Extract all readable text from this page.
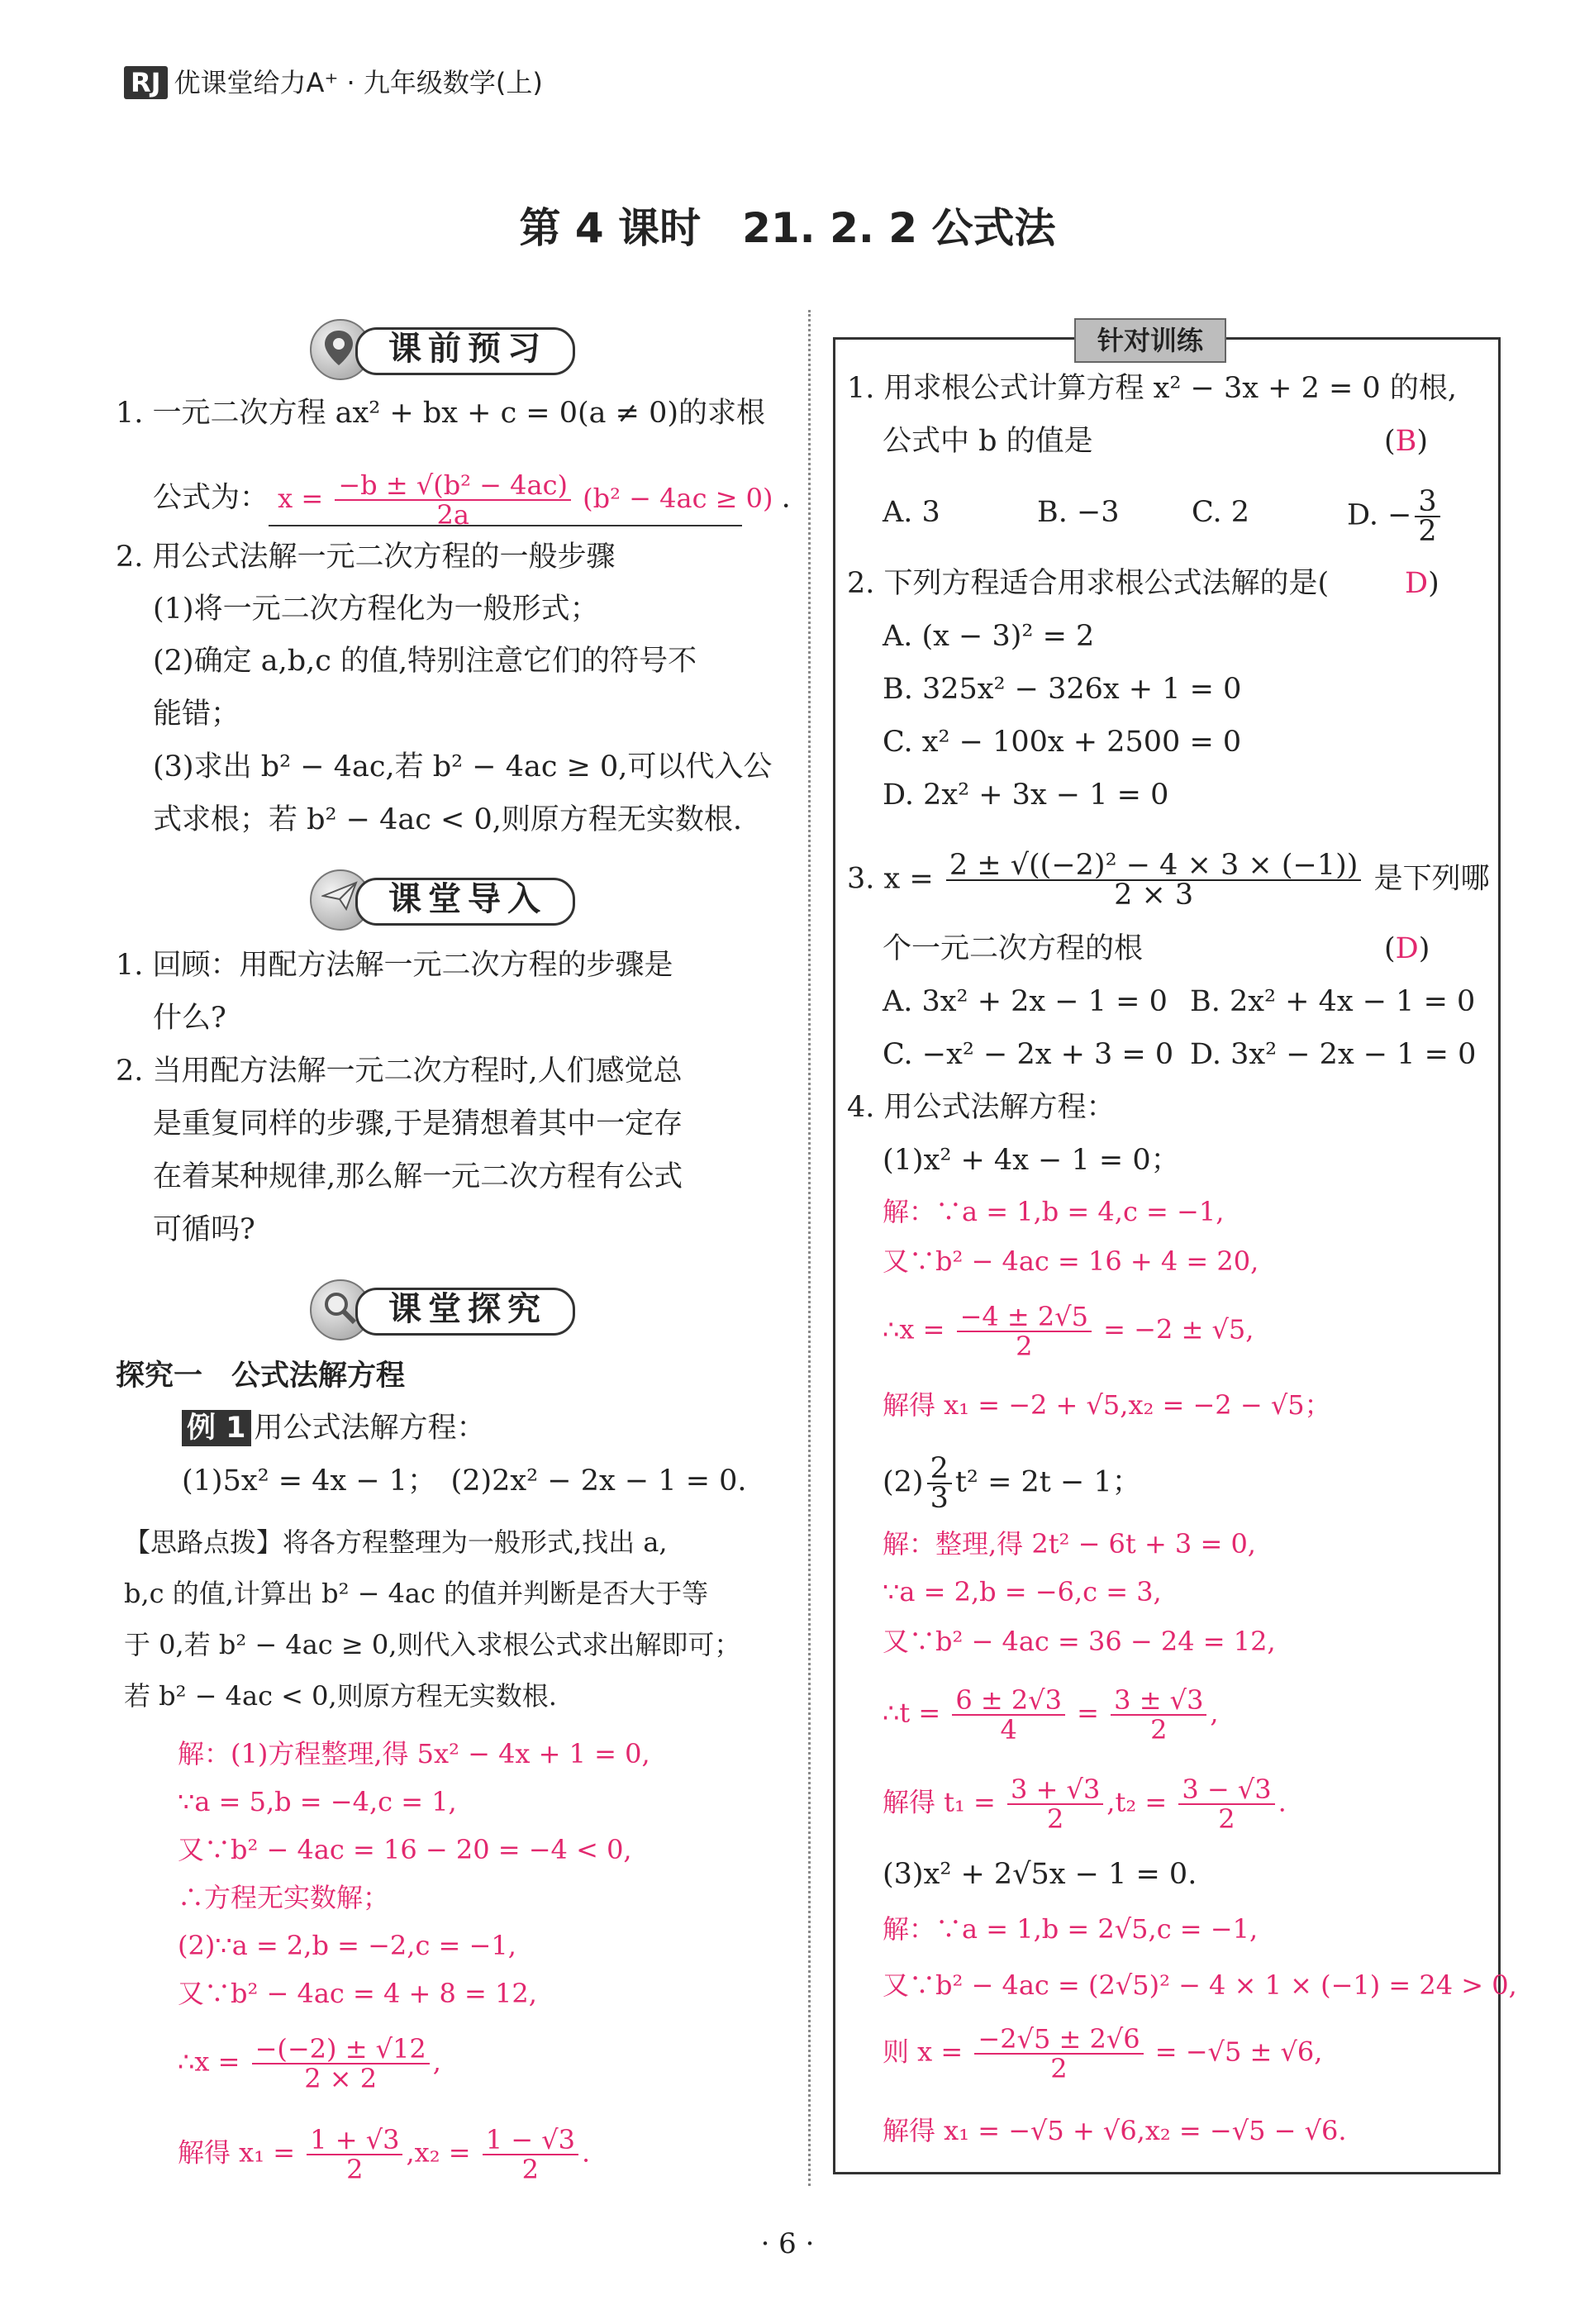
RJ 优课堂给力A⁺ · 九年级数学(上)
第 4 课时　21. 2. 2 公式法
课前预习
1. 一元二次方程 ax² + bx + c = 0(a ≠ 0)的求根
公式为： $x = \frac{\text{−b ± √(b² − 4ac)}}{2a} (b^2 - 4ac \ge 0)$ .
2. 用公式法解一元二次方程的一般步骤
(1)将一元二次方程化为一般形式；
(2)确定 a,b,c 的值,特别注意它们的符号不
能错；
(3)求出 b² − 4ac,若 b² − 4ac ≥ 0,可以代入公
式求根；若 b² − 4ac < 0,则原方程无实数根.
课堂导入
1. 回顾：用配方法解一元二次方程的步骤是
什么?
2. 当用配方法解一元二次方程时,人们感觉总
是重复同样的步骤,于是猜想着其中一定存
在着某种规律,那么解一元二次方程有公式
可循吗?
课堂探究
探究一　公式法解方程
例 1 用公式法解方程：
(1)5x² = 4x − 1；　(2)2x² − 2x − 1 = 0.
【思路点拨】将各方程整理为一般形式,找出 a,
b,c 的值,计算出 b² − 4ac 的值并判断是否大于等
于 0,若 b² − 4ac ≥ 0,则代入求根公式求出解即可；
若 b² − 4ac < 0,则原方程无实数根.
解：(1)方程整理,得 5x² − 4x + 1 = 0,
∵a = 5,b = −4,c = 1,
又∵b² − 4ac = 16 − 20 = −4 < 0,
∴方程无实数解；
(2)∵a = 2,b = −2,c = −1,
又∵b² − 4ac = 4 + 8 = 12,
∴x = $\frac{-(-2) \pm √12}{2 \times 2}$ ,
解得 $x_1 = \frac{1 + √3}{2} ,x_2 = \frac{1 - √3}{2}$ .
针对训练
1. 用求根公式计算方程 x² − 3x + 2 = 0 的根,
公式中 b 的值是	(B)
A. 3	B. −3 C. 2	D. − $\frac{3}{2}$
2. 下列方程适合用求根公式法解的是(	D)
A. (x − 3)² = 2
B. 325x² − 326x + 1 = 0
C. x² − 100x + 2500 = 0
D. 2x² + 3x − 1 = 0
3. $x = \frac{\text{2 ± √((−2)² − 4 × 3 × (−1))}}{2 \times 3}$ 是下列哪
个一元二次方程的根	(D)
A. 3x² + 2x − 1 = 0 B. 2x² + 4x − 1 = 0
C. −x² − 2x + 3 = 0 D. 3x² − 2x − 1 = 0
4. 用公式法解方程：
(1)x² + 4x − 1 = 0；
解：∵a = 1,b = 4,c = −1,
又∵b² − 4ac = 16 + 4 = 20,
∴x = $\frac{-4 \pm 2√5}{2} = -2 \pm √5$,
解得 x₁ = −2 + √5,x₂ = −2 − √5；
$(2) \frac{2}{3} t^2 = 2t - 1$；
解：整理,得 2t² − 6t + 3 = 0,
∵a = 2,b = −6,c = 3,
又∵b² − 4ac = 36 − 24 = 12,
∴t = $\frac{6 \pm 2√3}{4} = \frac{3 \pm √3}{2}$ ,
解得 $t_1 = \frac{3 + √3}{2} ,t_2 = \frac{3 - √3}{2}$ .
(3)x² + 2√5x − 1 = 0.
解：∵a = 1,b = 2√5,c = −1,
又∵b² − 4ac = (2√5)² − 4 × 1 × (−1) = 24 > 0,
则 $x = \frac{-2√5 \pm 2√6}{2} = -√5 \pm √6$,
解得 x₁ = −√5 + √6,x₂ = −√5 − √6.
· 6 ·
